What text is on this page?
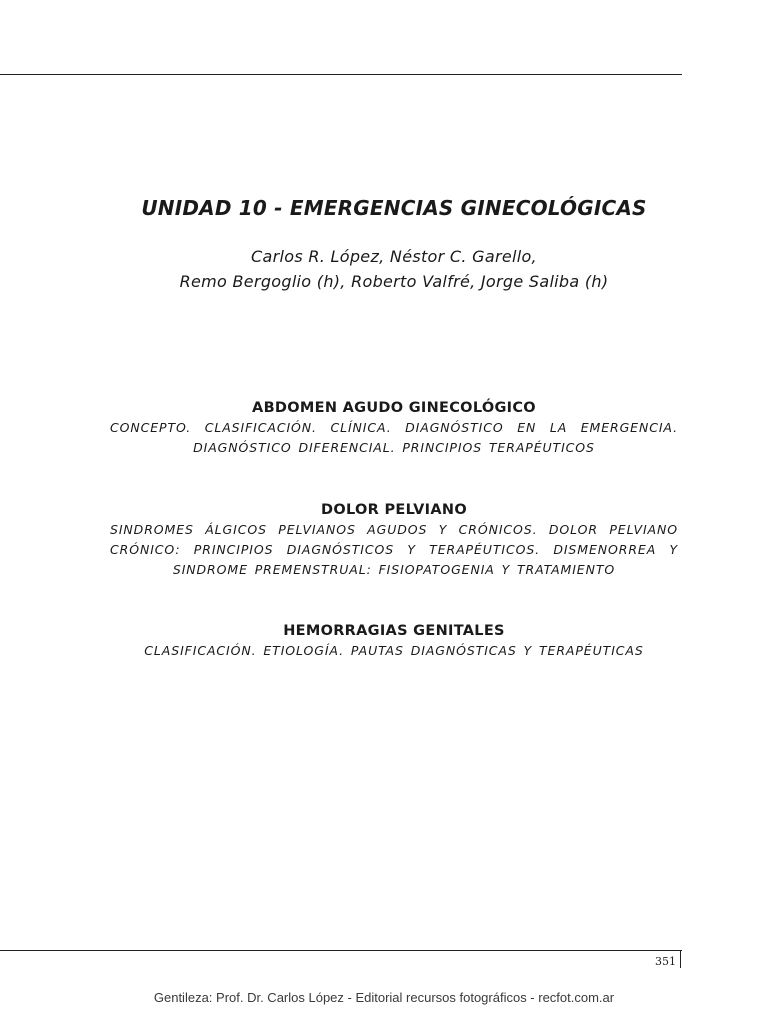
UNIDAD 10 - EMERGENCIAS GINECOLÓGICAS
Carlos R. López, Néstor C. Garello,
Remo Bergoglio (h), Roberto Valfré, Jorge Saliba (h)
ABDOMEN AGUDO GINECOLÓGICO
CONCEPTO. CLASIFICACIÓN. CLÍNICA. DIAGNÓSTICO EN LA EMERGENCIA. DIAGNÓSTICO DIFERENCIAL. PRINCIPIOS TERAPÉUTICOS
DOLOR PELVIANO
SINDROMES ÁLGICOS PELVIANOS AGUDOS Y CRÓNICOS. DOLOR PELVIANO CRÓNICO: PRINCIPIOS DIAGNÓSTICOS Y TERAPÉUTICOS. DISMENORREA Y SINDROME PREMENSTRUAL: FISIOPATOGENIA Y TRATAMIENTO
HEMORRAGIAS GENITALES
CLASIFICACIÓN. ETIOLOGÍA. PAUTAS DIAGNÓSTICAS Y TERAPÉUTICAS
351
Gentileza: Prof. Dr. Carlos López - Editorial recursos fotográficos - recfot.com.ar
